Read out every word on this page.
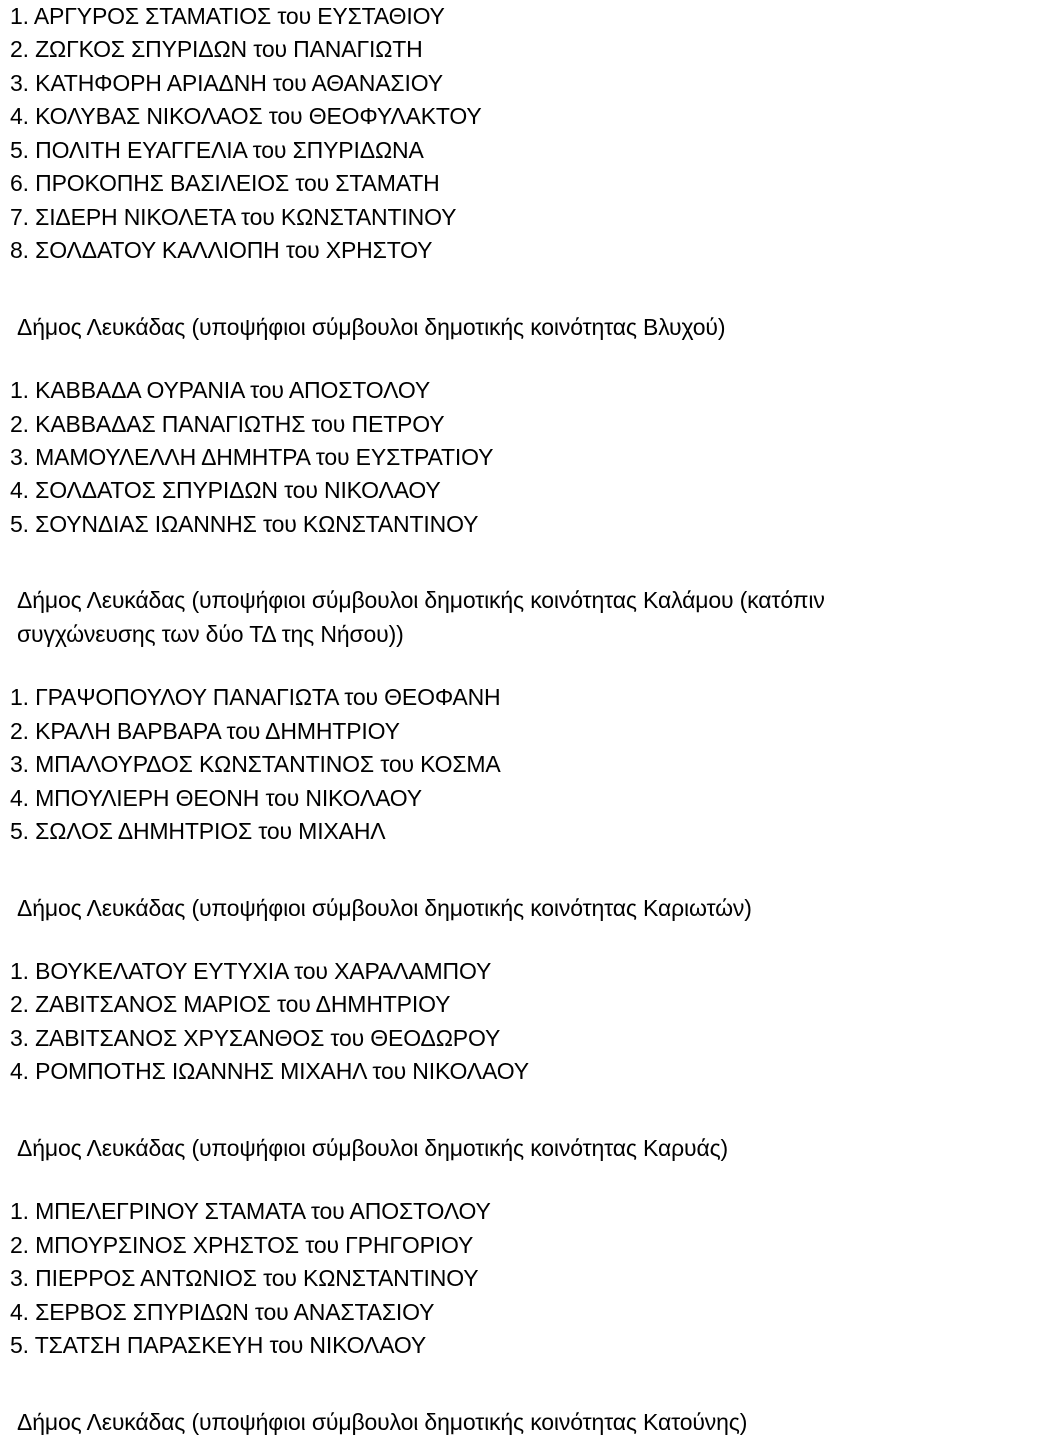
1. ΑΡΓΥΡΟΣ ΣΤΑΜΑΤΙΟΣ του ΕΥΣΤΑΘΙΟΥ
2. ΖΩΓΚΟΣ ΣΠΥΡΙΔΩΝ του ΠΑΝΑΓΙΩΤΗ
3. ΚΑΤΗΦΟΡΗ ΑΡΙΑΔΝΗ του ΑΘΑΝΑΣΙΟΥ
4. ΚΟΛΥΒΑΣ ΝΙΚΟΛΑΟΣ του ΘΕΟΦΥΛΑΚΤΟΥ
5. ΠΟΛΙΤΗ ΕΥΑΓΓΕΛΙΑ του ΣΠΥΡΙΔΩΝΑ
6. ΠΡΟΚΟΠΗΣ ΒΑΣΙΛΕΙΟΣ του ΣΤΑΜΑΤΗ
7. ΣΙΔΕΡΗ ΝΙΚΟΛΕΤΑ του ΚΩΝΣΤΑΝΤΙΝΟΥ
8. ΣΟΛΔΑΤΟΥ ΚΑΛΛΙΟΠΗ του ΧΡΗΣΤΟΥ
Δήμος Λευκάδας (υποψήφιοι σύμβουλοι δημοτικής κοινότητας Βλυχού)
1. ΚΑΒΒΑΔΑ ΟΥΡΑΝΙΑ του ΑΠΟΣΤΟΛΟΥ
2. ΚΑΒΒΑΔΑΣ ΠΑΝΑΓΙΩΤΗΣ του ΠΕΤΡΟΥ
3. ΜΑΜΟΥΛΕΛΛΗ ΔΗΜΗΤΡΑ του ΕΥΣΤΡΑΤΙΟΥ
4. ΣΟΛΔΑΤΟΣ ΣΠΥΡΙΔΩΝ του ΝΙΚΟΛΑΟΥ
5. ΣΟΥΝΔΙΑΣ ΙΩΑΝΝΗΣ του ΚΩΝΣΤΑΝΤΙΝΟΥ
Δήμος Λευκάδας (υποψήφιοι σύμβουλοι δημοτικής κοινότητας Καλάμου (κατόπιν
συγχώνευσης των δύο ΤΔ της Νήσου))
1. ΓΡΑΨΟΠΟΥΛΟΥ ΠΑΝΑΓΙΩΤΑ του ΘΕΟΦΑΝΗ
2. ΚΡΑΛΗ ΒΑΡΒΑΡΑ του ΔΗΜΗΤΡΙΟΥ
3. ΜΠΑΛΟΥΡΔΟΣ ΚΩΝΣΤΑΝΤΙΝΟΣ του ΚΟΣΜΑ
4. ΜΠΟΥΛΙΕΡΗ ΘΕΟΝΗ του ΝΙΚΟΛΑΟΥ
5. ΣΩΛΟΣ ΔΗΜΗΤΡΙΟΣ του ΜΙΧΑΗΛ
Δήμος Λευκάδας (υποψήφιοι σύμβουλοι δημοτικής κοινότητας Καριωτών)
1. ΒΟΥΚΕΛΑΤΟΥ ΕΥΤΥΧΙΑ του ΧΑΡΑΛΑΜΠΟΥ
2. ΖΑΒΙΤΣΑΝΟΣ ΜΑΡΙΟΣ του ΔΗΜΗΤΡΙΟΥ
3. ΖΑΒΙΤΣΑΝΟΣ ΧΡΥΣΑΝΘΟΣ του ΘΕΟΔΩΡΟΥ
4. ΡΟΜΠΟΤΗΣ ΙΩΑΝΝΗΣ ΜΙΧΑΗΛ του ΝΙΚΟΛΑΟΥ
Δήμος Λευκάδας (υποψήφιοι σύμβουλοι δημοτικής κοινότητας Καρυάς)
1. ΜΠΕΛΕΓΡΙΝΟΥ ΣΤΑΜΑΤΑ του ΑΠΟΣΤΟΛΟΥ
2. ΜΠΟΥΡΣΙΝΟΣ ΧΡΗΣΤΟΣ του ΓΡΗΓΟΡΙΟΥ
3. ΠΙΕΡΡΟΣ ΑΝΤΩΝΙΟΣ του ΚΩΝΣΤΑΝΤΙΝΟΥ
4. ΣΕΡΒΟΣ ΣΠΥΡΙΔΩΝ του ΑΝΑΣΤΑΣΙΟΥ
5. ΤΣΑΤΣΗ ΠΑΡΑΣΚΕΥΗ του ΝΙΚΟΛΑΟΥ
Δήμος Λευκάδας (υποψήφιοι σύμβουλοι δημοτικής κοινότητας Κατούνης)
